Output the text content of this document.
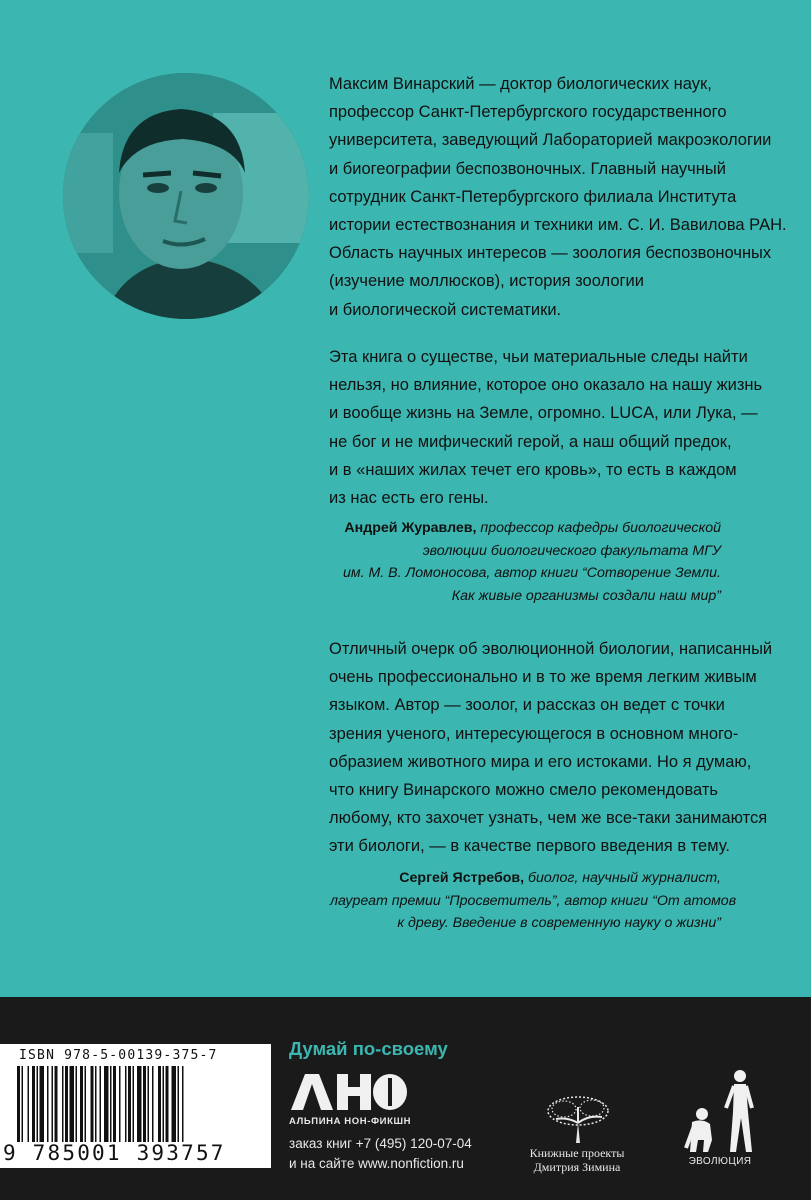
Максим Винарский — доктор биологических наук,
профессор Санкт-Петербургского государственного
университета, заведующий Лабораторией макроэкологии
и биогеографии беспозвоночных. Главный научный
сотрудник Санкт-Петербургского филиала Института
истории естествознания и техники им. С. И. Вавилова РАН.
Область научных интересов — зоология беспозвоночных
(изучение моллюсков), история зоологии
и биологической систематики.
Эта книга о существе, чьи материальные следы найти
нельзя, но влияние, которое оно оказало на нашу жизнь
и вообще жизнь на Земле, огромно. LUCA, или Лука, —
не бог и не мифический герой, а наш общий предок,
и в «наших жилах течет его кровь», то есть в каждом
из нас есть его гены.
Андрей Журавлев, профессор кафедры биологической
эволюции биологического факультата МГУ
им. М. В. Ломоносова, автор книги “Сотворение Земли.
Как живые организмы создали наш мир”
Отличный очерк об эволюционной биологии, написанный
очень профессионально и в то же время легким живым
языком. Автор — зоолог, и рассказ он ведет с точки
зрения ученого, интересующегося в основном много-
образием животного мира и его истоками. Но я думаю,
что книгу Винарского можно смело рекомендовать
любому, кто захочет узнать, чем же все-таки занимаются
эти биологи, — в качестве первого введения в тему.
Сергей Ястребов, биолог, научный журналист,
лауреат премии “Просветитель”, автор книги “От атомов
к древу. Введение в современную науку о жизни”
ISBN 978-5-00139-375-7
9 785001 393757
Думай по-своему
АЛЬПИНА НОН-ФИКШН
заказ книг +7 (495) 120-07-04
и на сайте www.nonfiction.ru
Книжные проекты
Дмитрия Зимина	ЭВОЛЮЦИЯ
